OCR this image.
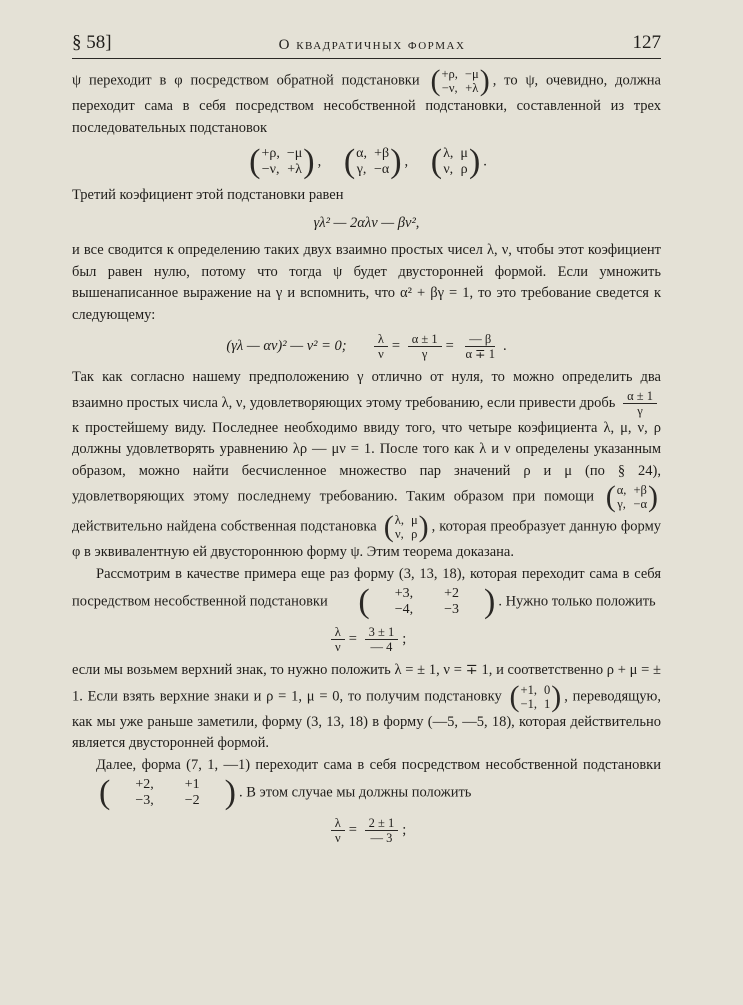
§ 58]	О квадратичных формах	127

ψ переходит в φ посредством обратной подстановки ( +ρ, −μ
−ν, +λ ) , то ψ, очевидно, должна переходит сама в себя посредством несобственной подстановки, составленной из трех последовательных подстановок

( +ρ, −μ
−ν, +λ ) , ( α, +β
γ, −α ) , ( λ, μ
ν, ρ ) .

Третий коэфициент этой подстановки равен

γλ² — 2αλν — βν²,

и все сводится к определению таких двух взаимно простых чисел λ, ν, чтобы этот коэфициент был равен нулю, потому что тогда ψ будет двусторонней формой. Если умножить вышенаписанное выражение на γ и вспомнить, что α² + βγ = 1, то это требование сведется к следующему:

(γλ — αν)² — ν² = 0; $\frac{\lambda}{\nu} = \frac{\alpha \pm 1}{\gamma} = \frac{— \beta}{\alpha \mp 1}$ .

Так как согласно нашему предположению γ отлично от нуля, то можно определить два взаимно простых числа λ, ν, удовлетворяющих этому требованию, если привести дробь $\frac{\alpha \pm 1}{\gamma}$
к простейшему виду. Последнее необходимо ввиду того, что четыре коэфициента λ, μ, ν, ρ должны удовлетворять уравнению λρ — μν = 1. После того как λ и ν определены указанным образом, можно найти бесчисленное множество пар значений ρ и μ (по § 24), удовлетворяющих этому последнему требованию. Таким образом при помощи ( α, +β
γ, −α )
действительно найдена собственная подстановка ( λ, μ
ν, ρ ) , которая преобразует данную форму φ в эквивалентную ей двустороннюю форму ψ. Этим теорема доказана.

Рассмотрим в качестве примера еще раз форму (3, 13, 18), которая переходит сама в себя посредством несобственной подстановки (	+3,	+2
−4,	−3 ) . Нужно только положить

$\frac{\lambda}{\nu} = \frac{3 \pm 1}{— 4}$ ;

если мы возьмем верхний знак, то нужно положить λ = ± 1, ν = ∓ 1, и соответственно ρ + μ = ± 1. Если взять верхние знаки и ρ = 1, μ = 0, то получим подстановку ( +1, 0
−1, 1 ) , переводящую, как мы уже раньше заметили, форму (3, 13, 18) в форму (—5, —5, 18), которая действительно является двусторонней формой.

Далее, форма (7, 1, —1) переходит сама в себя посредством несобственной подстановки
(	+2,	+1
−3,	−2 ) . В этом случае мы должны положить

$\frac{\lambda}{\nu} = \frac{2 \pm 1}{— 3}$ ;
